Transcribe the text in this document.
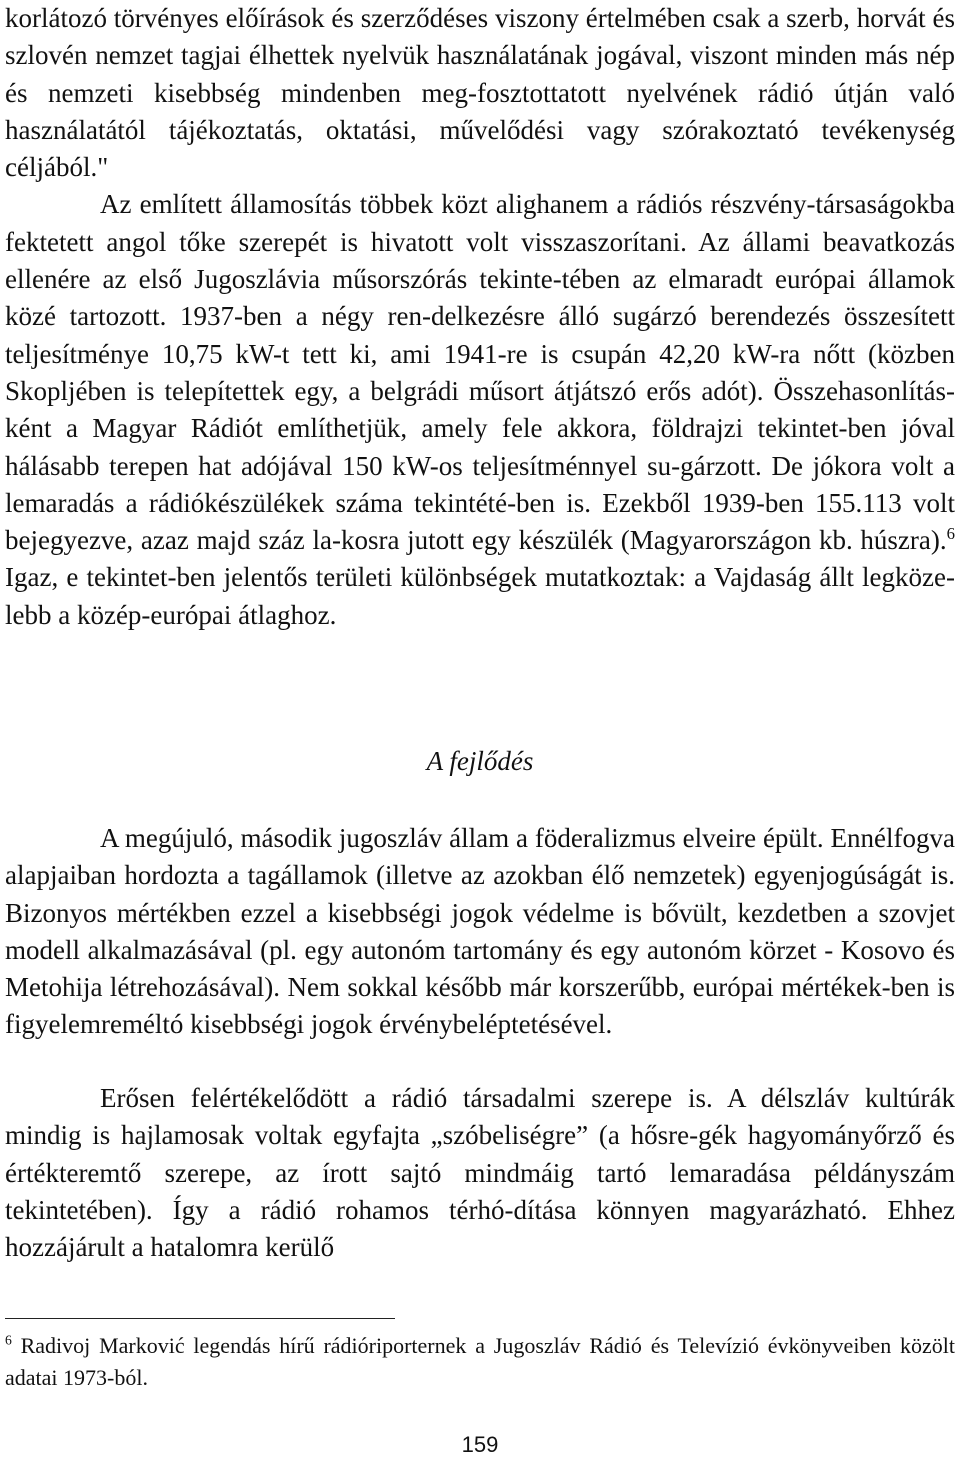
korlátozó törvényes előírások és szerződéses viszony értelmében csak a szerb, horvát és szlovén nemzet tagjai élhettek nyelvük használatának jogával, viszont minden más nép és nemzeti kisebbség mindenben meg-fosztottatott nyelvének rádió útján való használatától tájékoztatás, oktatási, művelődési vagy szórakoztató tevékenység céljából."
Az említett államosítás többek közt alighanem a rádiós részvény-társaságokba fektetett angol tőke szerepét is hivatott volt visszaszorítani. Az állami beavatkozás ellenére az első Jugoszlávia műsorszórás tekinte-tében az elmaradt európai államok közé tartozott. 1937-ben a négy ren-delkezésre álló sugárzó berendezés összesített teljesítménye 10,75 kW-t tett ki, ami 1941-re is csupán 42,20 kW-ra nőtt (közben Skopljében is telepítettek egy, a belgrádi műsort átjátszó erős adót). Összehasonlítás-ként a Magyar Rádiót említhetjük, amely fele akkora, földrajzi tekintet-ben jóval hálásabb terepen hat adójával 150 kW-os teljesítménnyel su-gárzott. De jókora volt a lemaradás a rádiókészülékek száma tekintété-ben is. Ezekből 1939-ben 155.113 volt bejegyezve, azaz majd száz la-kosra jutott egy készülék (Magyarországon kb. húszra).$^6$ Igaz, e tekintet-ben jelentős területi különbségek mutatkoztak: a Vajdaság állt legköze-lebb a közép-európai átlaghoz.

A fejlődés

A megújuló, második jugoszláv állam a föderalizmus elveire épült. Ennélfogva alapjaiban hordozta a tagállamok (illetve az azokban élő nemzetek) egyenjogúságát is. Bizonyos mértékben ezzel a kisebbségi jogok védelme is bővült, kezdetben a szovjet modell alkalmazásával (pl. egy autonóm tartomány és egy autonóm körzet - Kosovo és Metohija létrehozásával). Nem sokkal később már korszerűbb, európai mértékek-ben is figyelemreméltó kisebbségi jogok érvénybeléptetésével.

Erősen felértékelődött a rádió társadalmi szerepe is. A délszláv kultúrák mindig is hajlamosak voltak egyfajta „szóbeliségre” (a hősre-gék hagyományőrző és értékteremtő szerepe, az írott sajtó mindmáig tartó lemaradása példányszám tekintetében). Így a rádió rohamos térhó-dítása könnyen magyarázható. Ehhez hozzájárult a hatalomra kerülő

$^6$ Radivoj Marković legendás hírű rádióriporternek a Jugoszláv Rádió és Televízió évkönyveiben közölt adatai 1973-ból.

159
